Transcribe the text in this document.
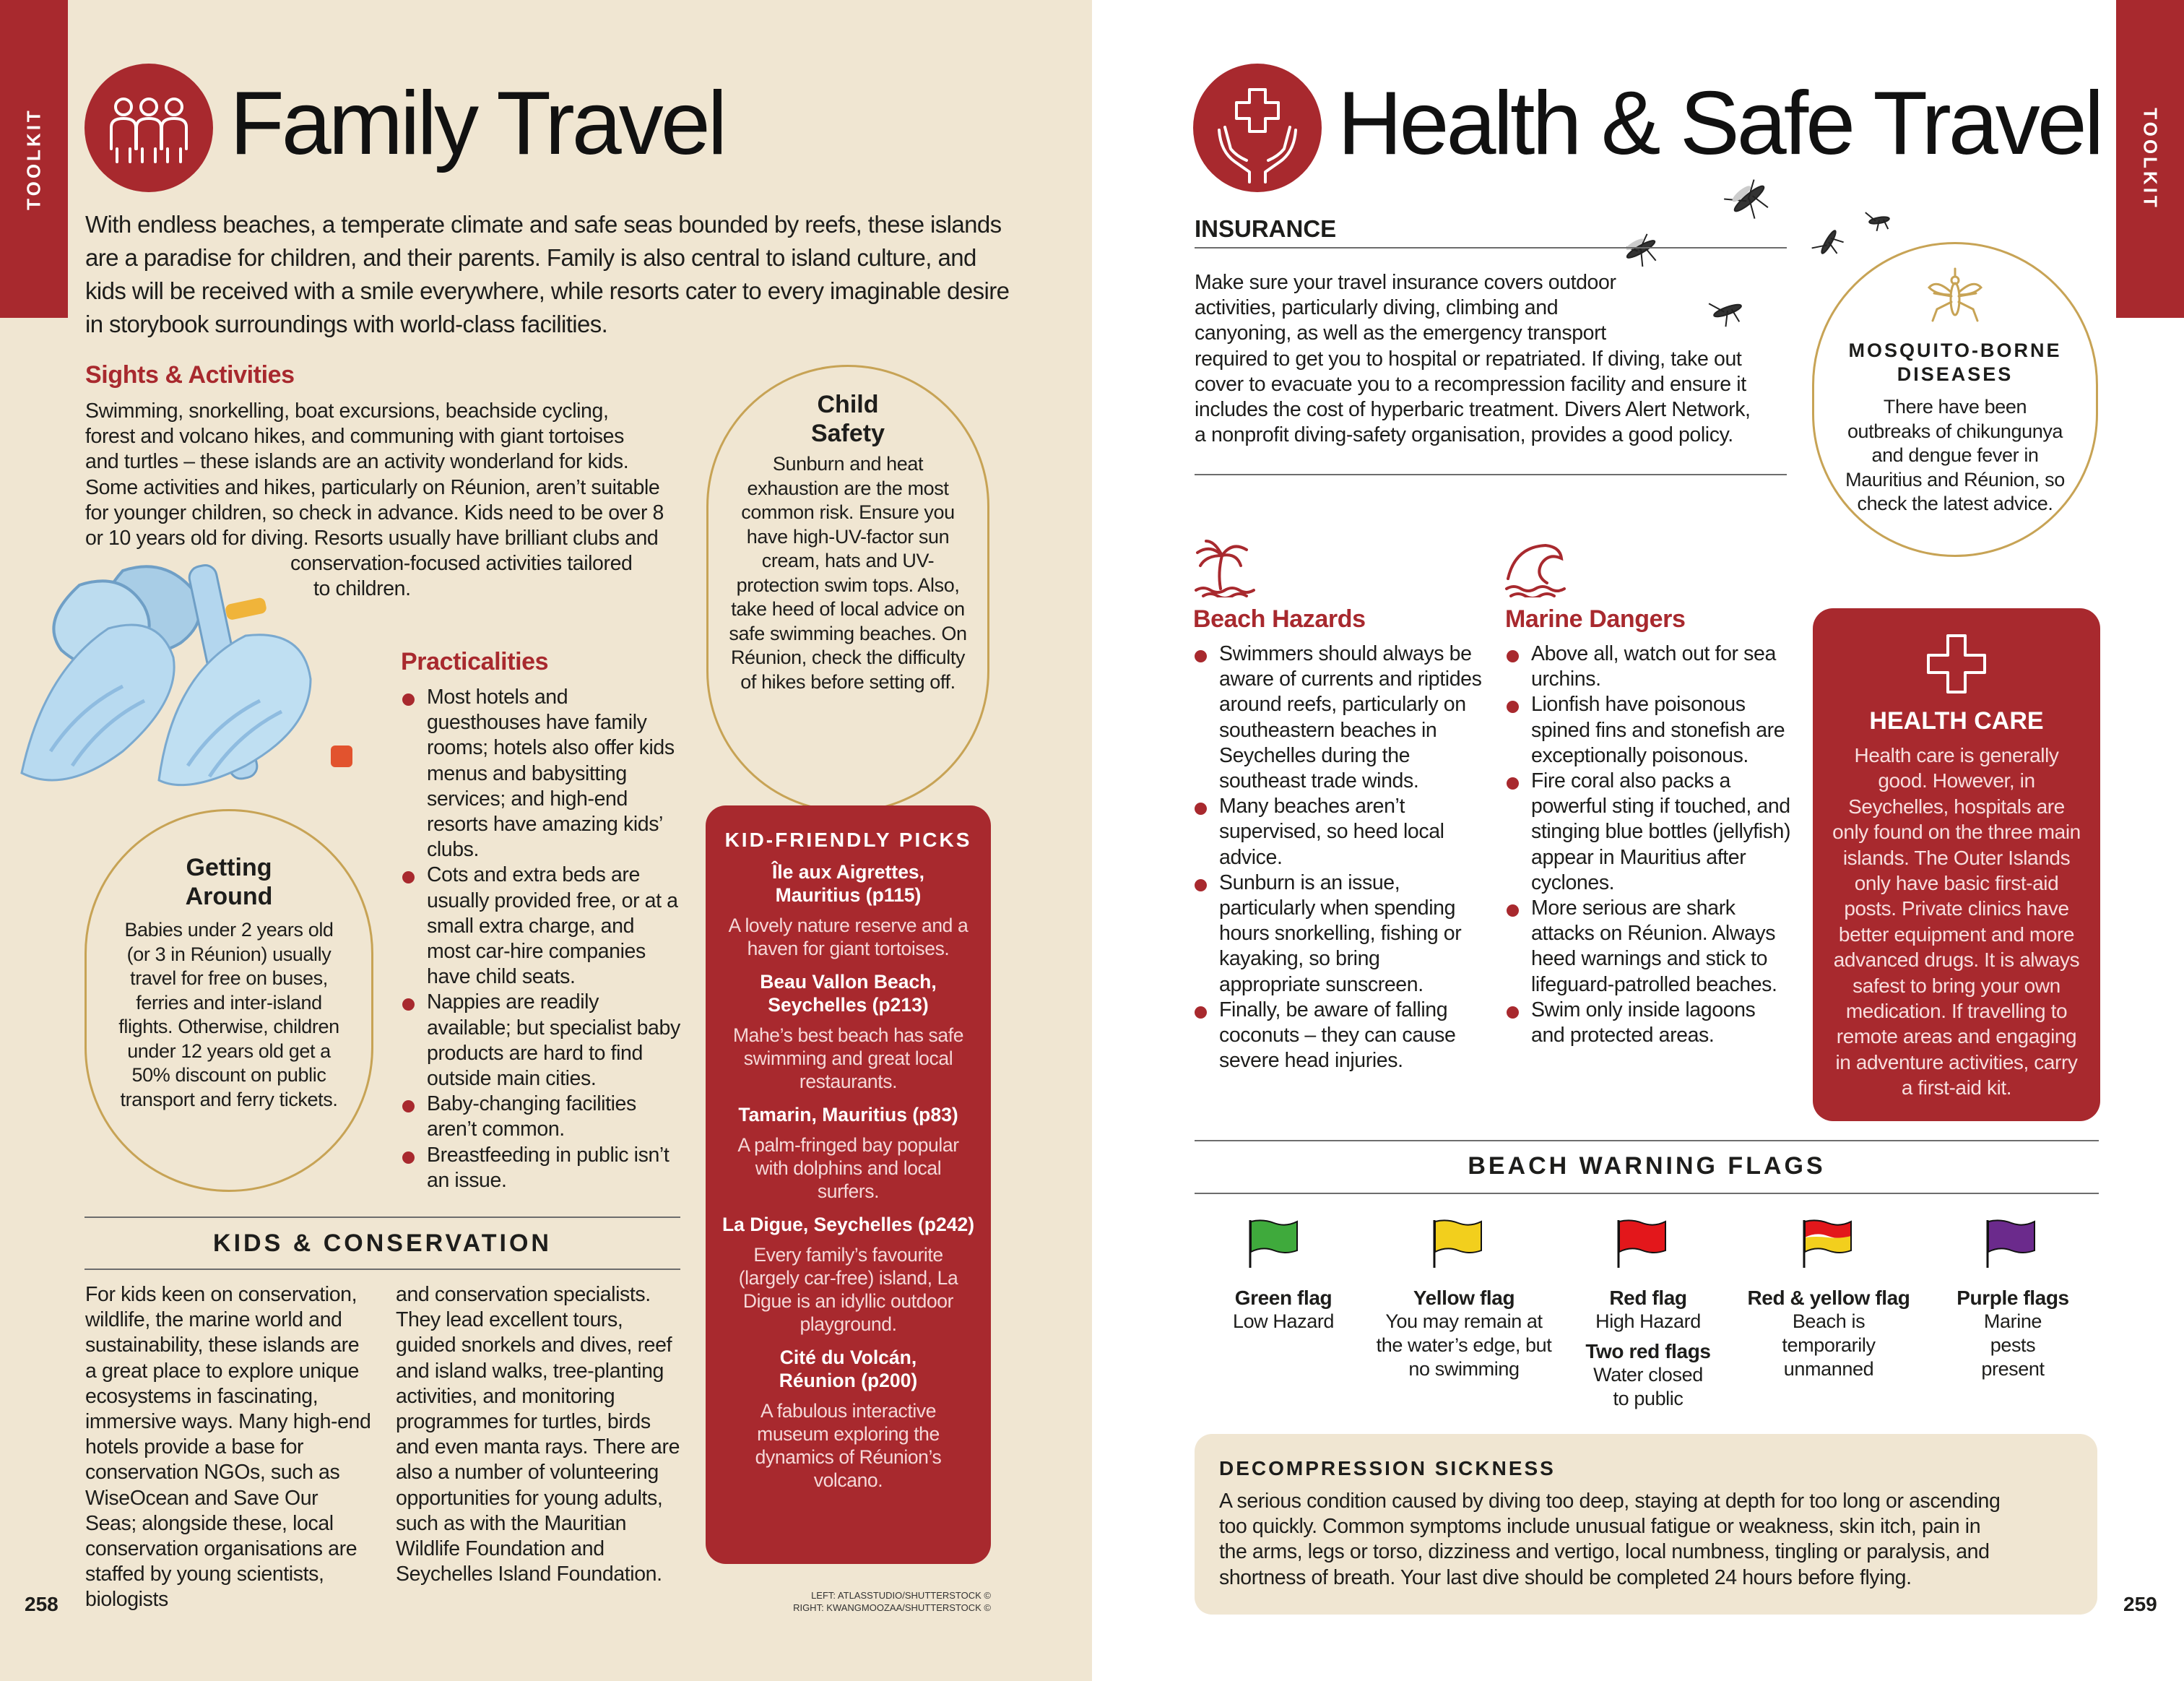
TOOLKIT Family Travel
With endless beaches, a temperate climate and safe seas bounded by reefs, these islands are a paradise for children, and their parents. Family is also central to island culture, and kids will be received with a smile everywhere, while resorts cater to every imaginable desire in storybook surroundings with world-class facilities.
Sights & Activities
Swimming, snorkelling, boat excursions, beachside cycling,
forest and volcano hikes, and communing with giant tortoises
and turtles – these islands are an activity wonderland for kids.
Some activities and hikes, particularly on Réunion, aren’t suitable
for younger children, so check in advance. Kids need to be over 8
or 10 years old for diving. Resorts usually have brilliant clubs and
conservation-focused activities tailored
to children.
Child Safety
Sunburn and heat exhaustion are the most common risk. Ensure you have high-UV-factor sun cream, hats and UV-protection swim tops. Also, take heed of local advice on safe swimming beaches. On Réunion, check the difficulty of hikes before setting off.
Practicalities
Most hotels and guesthouses have family rooms; hotels also offer kids menus and babysitting services; and high-end resorts have amazing kids’ clubs.
Cots and extra beds are usually provided free, or at a small extra charge, and most car-hire companies have child seats.
Nappies are readily available; but specialist baby products are hard to find outside main cities.
Baby-changing facilities aren’t common.
Breastfeeding in public isn’t an issue.
Getting Around
Babies under 2 years old (or 3 in Réunion) usually travel for free on buses, ferries and inter-island flights. Otherwise, children under 12 years old get a 50% discount on public transport and ferry tickets.
KID-FRIENDLY PICKS
Île aux Aigrettes, Mauritius (p115)
A lovely nature reserve and a haven for giant tortoises.
Beau Vallon Beach, Seychelles (p213)
Mahe’s best beach has safe swimming and great local restaurants.
Tamarin, Mauritius (p83)
A palm-fringed bay popular with dolphins and local surfers.
La Digue, Seychelles (p242)
Every family’s favourite (largely car-free) island, La Digue is an idyllic outdoor playground.
Cité du Volcán, Réunion (p200)
A fabulous interactive museum exploring the dynamics of Réunion’s volcano.
KIDS & CONSERVATION
For kids keen on conservation, wildlife, the marine world and sustainability, these islands are a great place to explore unique ecosystems in fascinating, immersive ways. Many high-end hotels provide a base for conservation NGOs, such as WiseOcean and Save Our Seas; alongside these, local conservation organisations are staffed by young scientists, biologists
and conservation specialists. They lead excellent tours, guided snorkels and dives, reef and island walks, tree-planting activities, and monitoring programmes for turtles, birds and even manta rays. There are also a number of volunteering opportunities for young adults, such as with the Mauritian Wildlife Foundation and Seychelles Island Foundation.
258	LEFT: ATLASSTUDIO/SHUTTERSTOCK ©
RIGHT: KWANGMOOZAA/SHUTTERSTOCK ©
TOOLKIT
Health & Safe Travel
INSURANCE
Make sure your travel insurance covers outdoor
activities, particularly diving, climbing and
canyoning, as well as the emergency transport
required to get you to hospital or repatriated. If diving, take out
cover to evacuate you to a recompression facility and ensure it
includes the cost of hyperbaric treatment. Divers Alert Network,
a nonprofit diving-safety organisation, provides a good policy.
MOSQUITO-BORNE DISEASES
There have been outbreaks of chikungunya and dengue fever in Mauritius and Réunion, so check the latest advice.
Beach Hazards
Swimmers should always be aware of currents and riptides around reefs, particularly on southeastern beaches in Seychelles during the southeast trade winds.
Many beaches aren’t supervised, so heed local advice.
Sunburn is an issue, particularly when spending hours snorkelling, fishing or kayaking, so bring appropriate sunscreen.
Finally, be aware of falling coconuts – they can cause severe head injuries.
Marine Dangers
Above all, watch out for sea urchins.
Lionfish have poisonous spined fins and stonefish are exceptionally poisonous.
Fire coral also packs a powerful sting if touched, and stinging blue bottles (jellyfish) appear in Mauritius after cyclones.
More serious are shark attacks on Réunion. Always heed warnings and stick to lifeguard-patrolled beaches.
Swim only inside lagoons and protected areas.
HEALTH CARE
Health care is generally good. However, in Seychelles, hospitals are only found on the three main islands. The Outer Islands only have basic first-aid posts. Private clinics have better equipment and more advanced drugs. It is always safest to bring your own medication. If travelling to remote areas and engaging in adventure activities, carry a first-aid kit.
BEACH WARNING FLAGS
Green flag
Low Hazard
Yellow flag
You may remain at the water’s edge, but no swimming
Red flag
High Hazard
Two red flags
Water closed to public
Red & yellow flag
Beach is temporarily unmanned
Purple flags
Marine pests present
DECOMPRESSION SICKNESS
A serious condition caused by diving too deep, staying at depth for too long or ascending
too quickly. Common symptoms include unusual fatigue or weakness, skin itch, pain in
the arms, legs or torso, dizziness and vertigo, local numbness, tingling or paralysis, and
shortness of breath. Your last dive should be completed 24 hours before flying.
259
